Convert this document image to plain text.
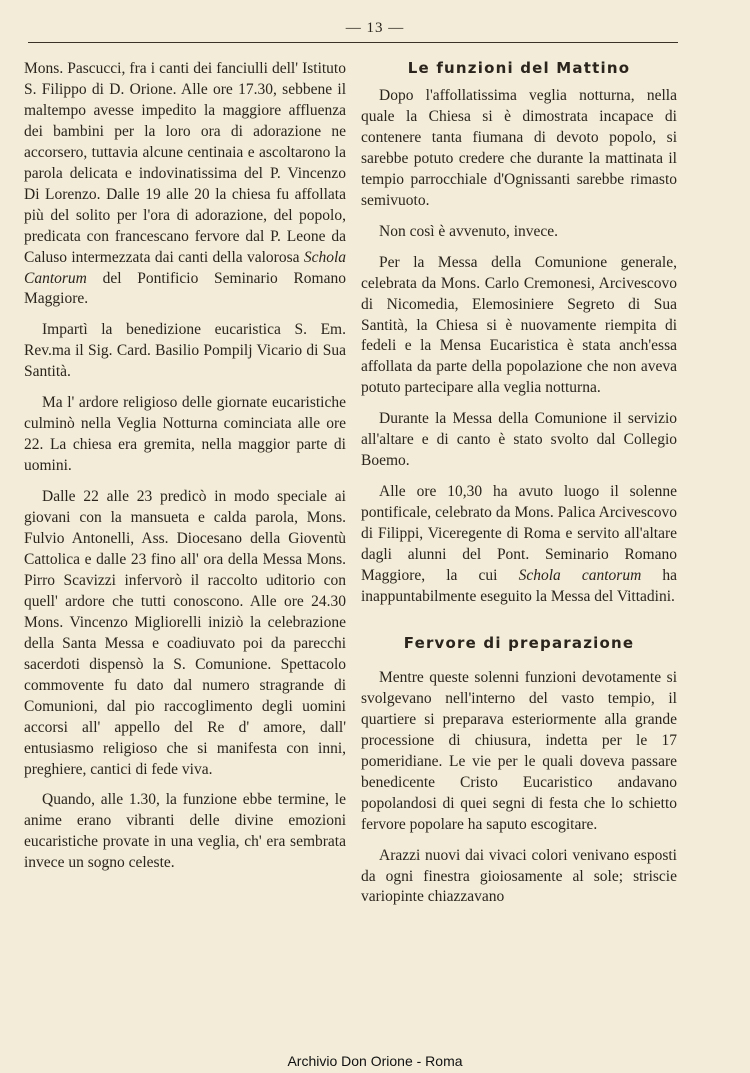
— 13 —

Mons. Pascucci, fra i canti dei fanciulli dell' Istituto S. Filippo di D. Orione. Alle ore 17.30, sebbene il maltempo avesse impedito la maggiore affluenza dei bambini per la loro ora di adorazione ne accorsero, tuttavia alcune centinaia e ascoltarono la parola delicata e indovinatissima del P. Vincenzo Di Lorenzo. Dalle 19 alle 20 la chiesa fu affollata più del solito per l'ora di adorazione, del popolo, predicata con francescano fervore dal P. Leone da Caluso intermezzata dai canti della valorosa Schola Cantorum del Pontificio Seminario Romano Maggiore.

Impartì la benedizione eucaristica S. Em. Rev.ma il Sig. Card. Basilio Pompilj Vicario di Sua Santità.

Ma l' ardore religioso delle giornate eucaristiche culminò nella Veglia Notturna cominciata alle ore 22. La chiesa era gremita, nella maggior parte di uomini.

Dalle 22 alle 23 predicò in modo speciale ai giovani con la mansueta e calda parola, Mons. Fulvio Antonelli, Ass. Diocesano della Gioventù Cattolica e dalle 23 fino all' ora della Messa Mons. Pirro Scavizzi infervorò il raccolto uditorio con quell' ardore che tutti conoscono. Alle ore 24.30 Mons. Vincenzo Migliorelli iniziò la celebrazione della Santa Messa e coadiuvato poi da parecchi sacerdoti dispensò la S. Comunione. Spettacolo commovente fu dato dal numero stragrande di Comunioni, dal pio raccoglimento degli uomini accorsi all' appello del Re d' amore, dall' entusiasmo religioso che si manifesta con inni, preghiere, cantici di fede viva.

Quando, alle 1.30, la funzione ebbe termine, le anime erano vibranti delle divine emozioni eucaristiche provate in una veglia, ch' era sembrata invece un sogno celeste.

Le funzioni del Mattino

Dopo l'affollatissima veglia notturna, nella quale la Chiesa si è dimostrata incapace di contenere tanta fiumana di devoto popolo, si sarebbe potuto credere che durante la mattinata il tempio parrocchiale d'Ognissanti sarebbe rimasto semivuoto.

Non così è avvenuto, invece.

Per la Messa della Comunione generale, celebrata da Mons. Carlo Cremonesi, Arcivescovo di Nicomedia, Elemosiniere Segreto di Sua Santità, la Chiesa si è nuovamente riempita di fedeli e la Mensa Eucaristica è stata anch'essa affollata da parte della popolazione che non aveva potuto partecipare alla veglia notturna.

Durante la Messa della Comunione il servizio all'altare e di canto è stato svolto dal Collegio Boemo.

Alle ore 10,30 ha avuto luogo il solenne pontificale, celebrato da Mons. Palica Arcivescovo di Filippi, Viceregente di Roma e servito all'altare dagli alunni del Pont. Seminario Romano Maggiore, la cui Schola cantorum ha inappuntabilmente eseguito la Messa del Vittadini.

Fervore di preparazione

Mentre queste solenni funzioni devotamente si svolgevano nell'interno del vasto tempio, il quartiere si preparava esteriormente alla grande processione di chiusura, indetta per le 17 pomeridiane. Le vie per le quali doveva passare benedicente Cristo Eucaristico andavano popolandosi di quei segni di festa che lo schietto fervore popolare ha saputo escogitare.

Arazzi nuovi dai vivaci colori venivano esposti da ogni finestra gioiosamente al sole; striscie variopinte chiazzavano

Archivio Don Orione - Roma
